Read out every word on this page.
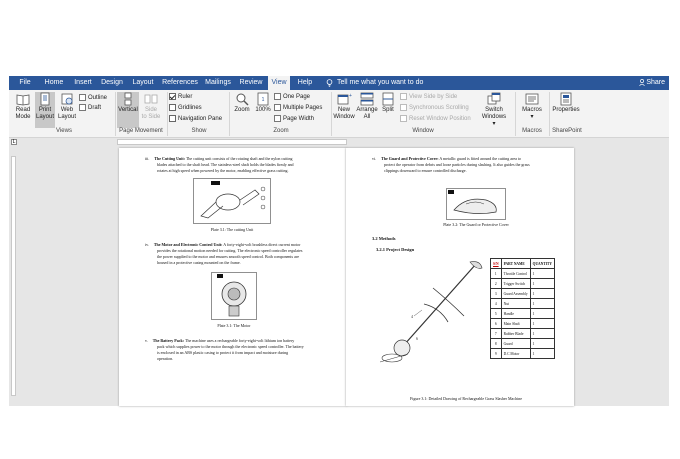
File	Home	Insert	Design	Layout	References	Mailings	Review	View	Help	Tell me what you want to do	Share
Read
Mode
Print
Layout
Web
Layout
Outline
Draft
Views
Vertical	Side
to Side
Page Movement
Ruler
Gridlines
Navigation Pane
Show
Zoom
1
100%
One Page
Multiple Pages
Page Width
Zoom
+
New
Window
Arrange
All
Split
View Side by Side
Synchronous Scrolling
Reset Window Position
Switch
Windows ▾
Window
Macros
▾
Macros
Properties
SharePoint
L
iii. The Cutting Unit: The cutting unit consists of the rotating shaft and the nylon cutting
blades attached to the shaft head. The stainless-steel shaft holds the blades firmly and
rotates at high speed when powered by the motor, enabling effective grass cutting.
Plate 3.1: The cutting Unit
iv. The Motor and Electronic Control Unit: A forty-eight-volt brushless direct current motor
provides the rotational motion needed for cutting. The electronic speed controller regulates
the power supplied to the motor and ensures smooth speed control. Both components are
housed in a protective casing mounted on the frame.
Plate 3.1: The Motor
v. The Battery Pack: The machine uses a rechargeable forty-eight-volt lithium ion battery
pack which supplies power to the motor through the electronic speed controller. The battery
is enclosed in an ABS plastic casing to protect it from impact and moisture during
operation.
vi. The Guard and Protective Cover: A metallic guard is fitted around the cutting area to
protect the operator from debris and loose particles during slashing. It also guides the grass
clippings downward to ensure controlled discharge.
Plate 3.2: The Guard or Protective Cover
3.2 Methods
3.2.1 Project Design
4
6
S/N	PART NAME	QUANTITY
1	Throttle Control	1
2	Trigger Switch	1
3	Guard Assembly	1
4	Nut	1
5	Handle	1
6	Main Shaft	1
7	Rubber Blade	1
8	Guard	1
9	D.C Motor	1
Figure 3.1: Detailed Drawing of Rechargeable Grass Slasher Machine
